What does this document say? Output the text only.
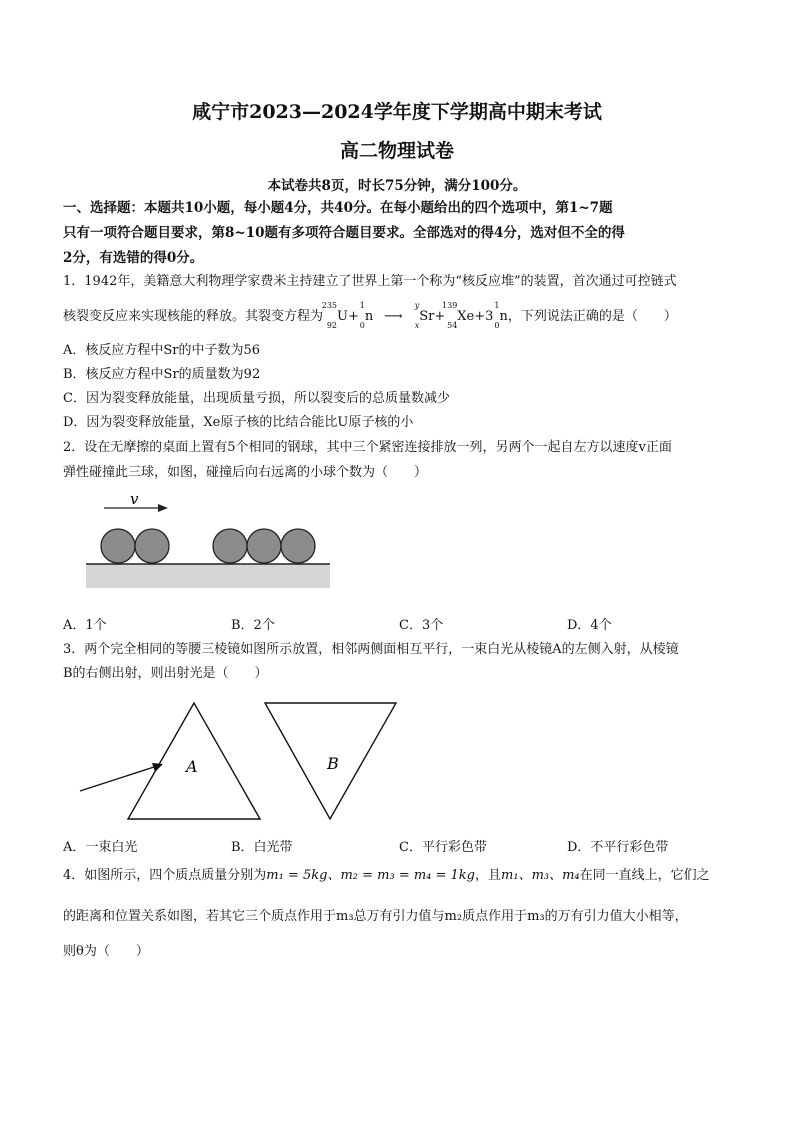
咸宁市2023—2024学年度下学期高中期末考试
高二物理试卷
本试卷共8页，时长75分钟，满分100分。
一、选择题：本题共10小题，每小题4分，共40分。在每小题给出的四个选项中，第1~7题
只有一项符合题目要求，第8~10题有多项符合题目要求。全部选对的得4分，选对但不全的得
2分，有选错的得0分。
1．1942年，美籍意大利物理学家费米主持建立了世界上第一个称为“核反应堆”的装置，首次通过可控链式
核裂变反应来实现核能的释放。其裂变方程为
235
92
U+
1
0
n ⟶
y
x
Sr+
139
54
Xe+3
1
0
n，下列说法正确的是（　　）
A．核反应方程中Sr的中子数为56
B．核反应方程中Sr的质量数为92
C．因为裂变释放能量，出现质量亏损，所以裂变后的总质量数减少
D．因为裂变释放能量，Xe原子核的比结合能比U原子核的小
2．设在无摩擦的桌面上置有5个相同的钢球，其中三个紧密连接排放一列，另两个一起自左方以速度v正面
弹性碰撞此三球，如图，碰撞后向右远离的小球个数为（　　）
v
A．1个	B．2个	C．3个	D．4个
3．两个完全相同的等腰三棱镜如图所示放置，相邻两侧面相互平行，一束白光从棱镜A的左侧入射，从棱镜
B的右侧出射，则出射光是（　　）
A	B
A．一束白光	B．白光带	C．平行彩色带	D．不平行彩色带
4．如图所示，四个质点质量分别为m₁ = 5kg、m₂ = m₃ = m₄ = 1kg，且m₁、m₃、m₄在同一直线上，它们之
的距离和位置关系如图，若其它三个质点作用于m₃总万有引力值与m₂质点作用于m₃的万有引力值大小相等，
则θ为（　　）
